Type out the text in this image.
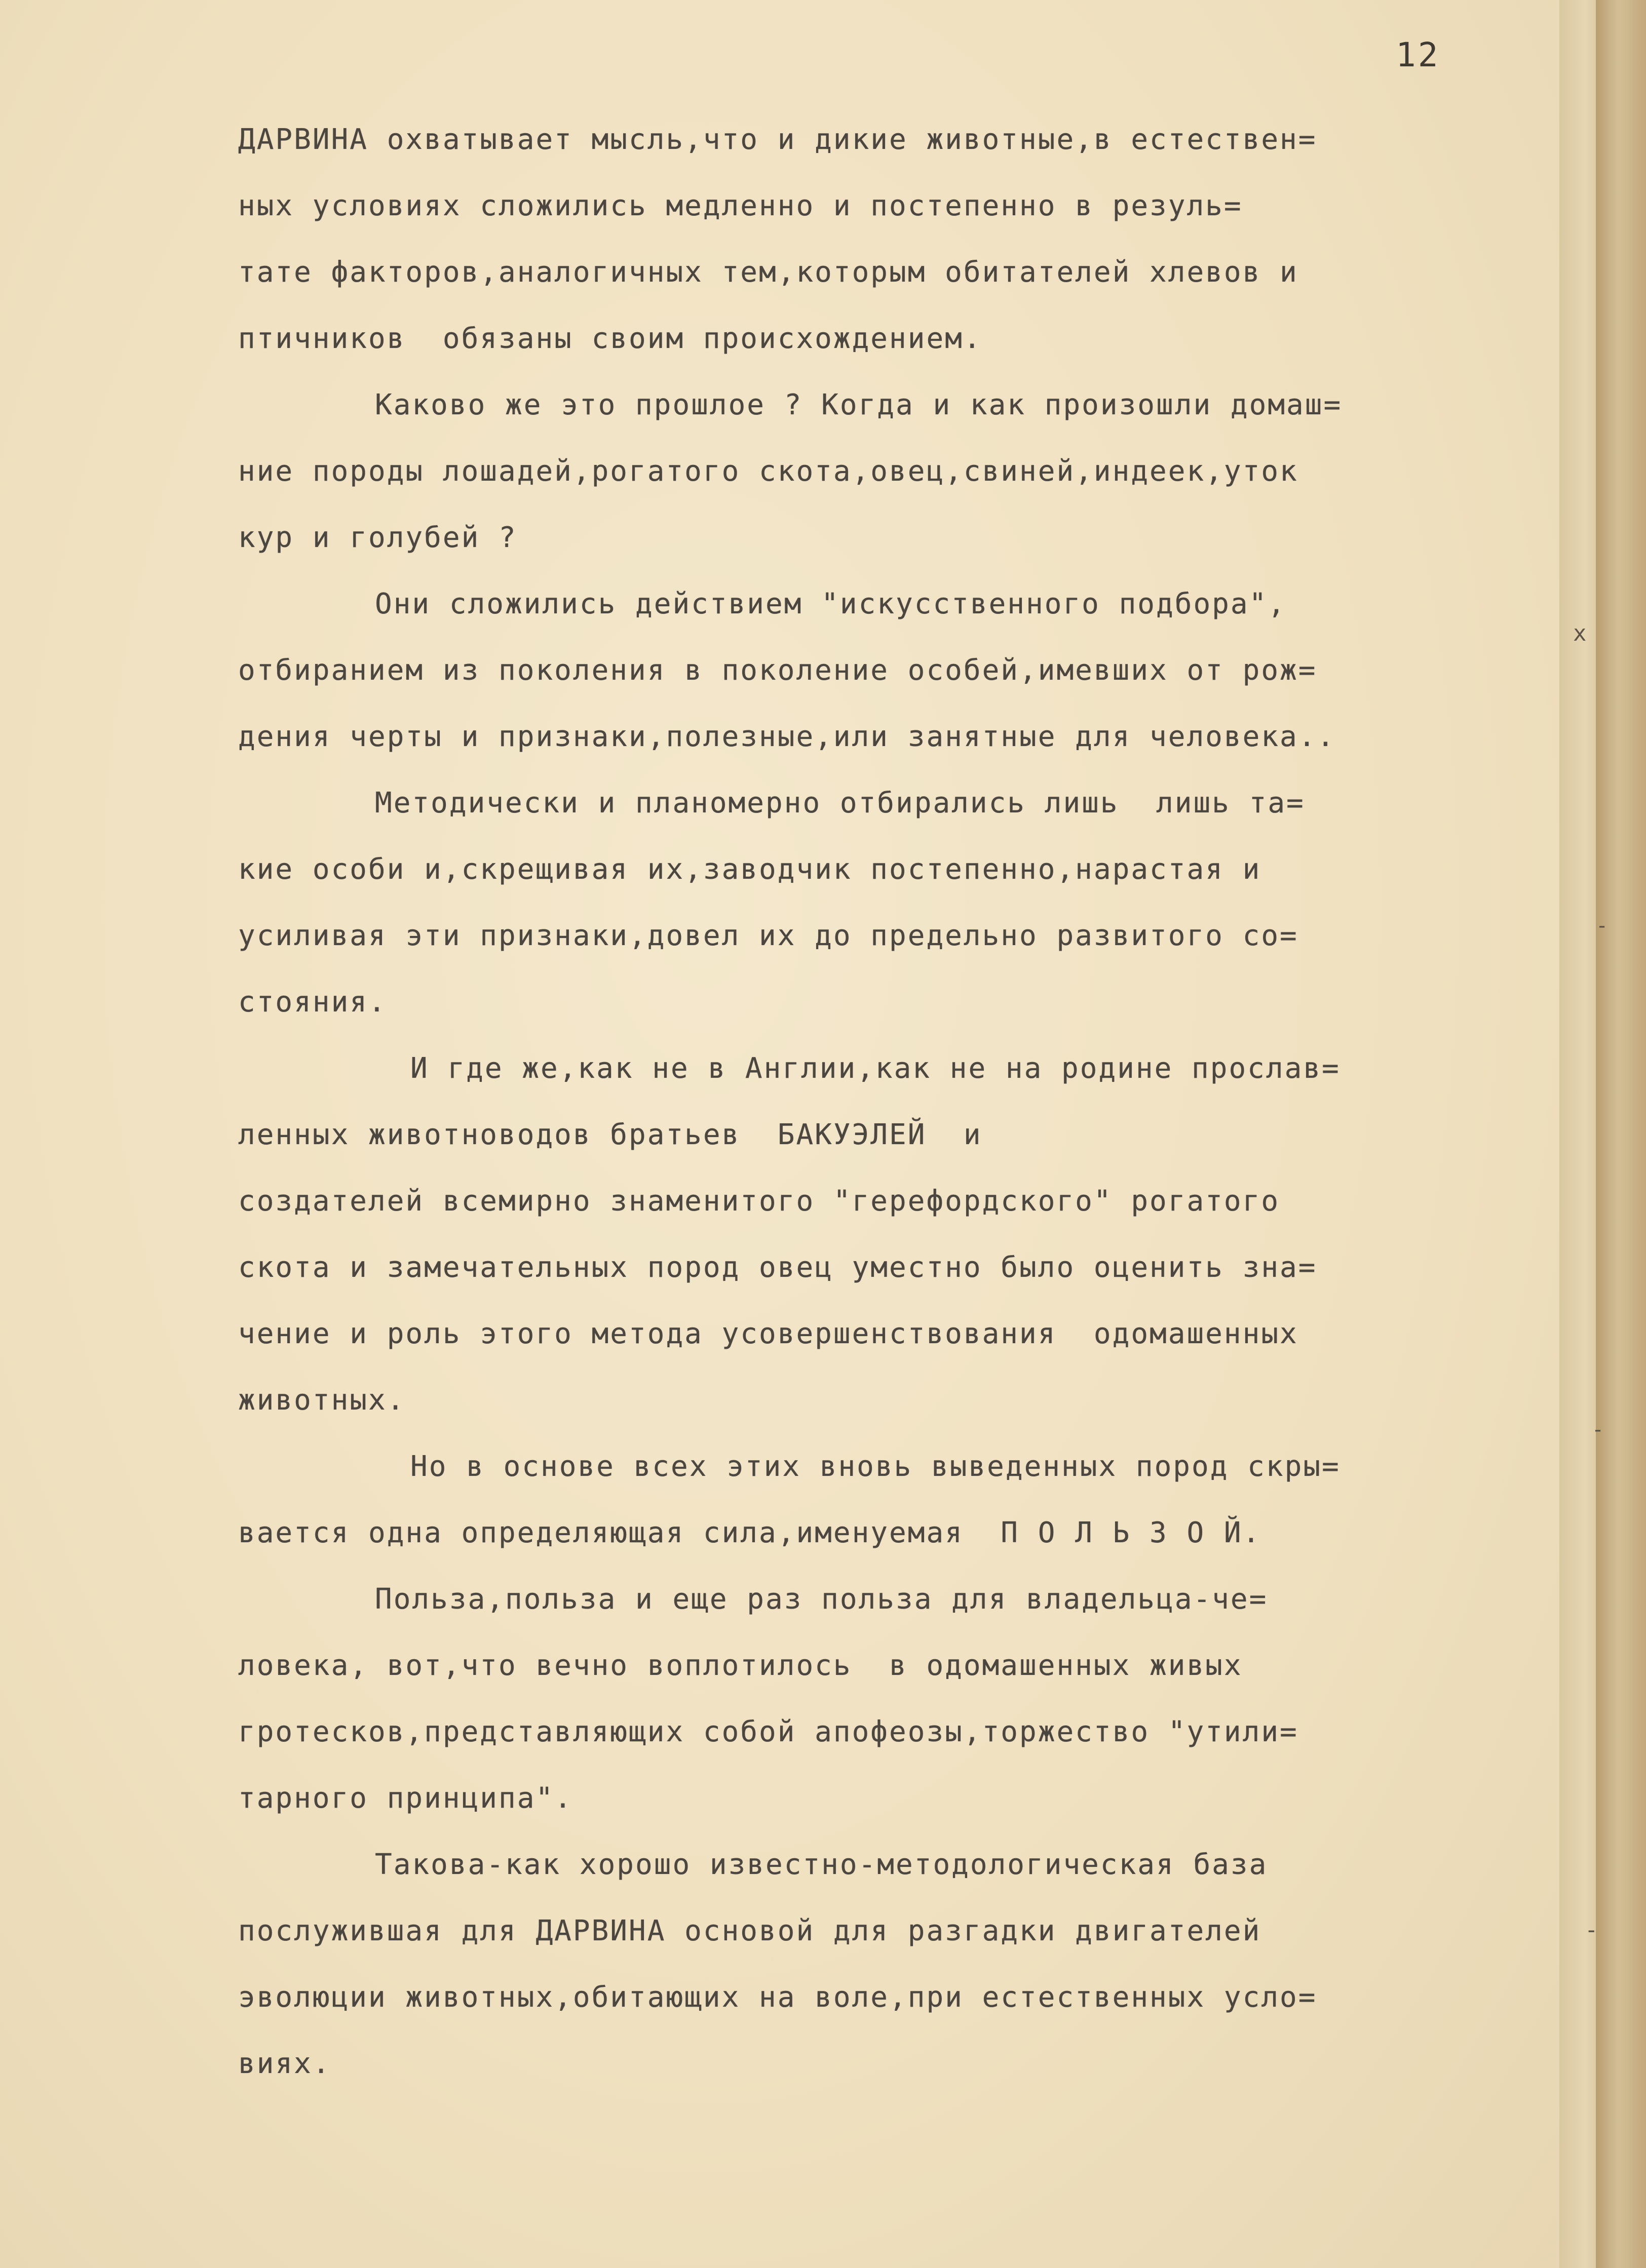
12

ДАРВИНА охватывает мысль,что и дикие животные,в естествен=

ных условиях сложились медленно и постепенно в резуль=

тате факторов,аналогичных тем,которым обитателей хлевов и

птичников  обязаны своим происхождением.

Каково же это прошлое ? Когда и как произошли домаш=

ние породы лошадей,рогатого скота,овец,свиней,индеек,уток

кур и голубей ?

Они сложились действием "искусственного подбора",

отбиранием из поколения в поколение особей,имевших от рож=

дения черты и признаки,полезные,или занятные для человека..

Методически и планомерно отбирались лишь  лишь та=

кие особи и,скрещивая их,заводчик постепенно,нарастая и

усиливая эти признаки,довел их до предельно развитого со=

стояния.

И где же,как не в Англии,как не на родине прослав=

ленных животноводов братьев  БАКУЭЛЕЙ  и

создателей всемирно знаменитого "герефордского" рогатого

скота и замечательных пород овец уместно было оценить зна=

чение и роль этого метода усовершенствования  одомашенных

животных.

Но в основе всех этих вновь выведенных пород скры=

вается одна определяющая сила,именуемая  П О Л Ь З О Й.

Польза,польза и еще раз польза для владельца-че=

ловека, вот,что вечно воплотилось  в одомашенных живых

гротесков,представляющих собой апофеозы,торжество "утили=

тарного принципа".

Такова-как хорошо известно-методологическая база

послужившая для ДАРВИНА основой для разгадки двигателей

эволюции животных,обитающих на воле,при естественных усло=

виях.

x
-
-
-
